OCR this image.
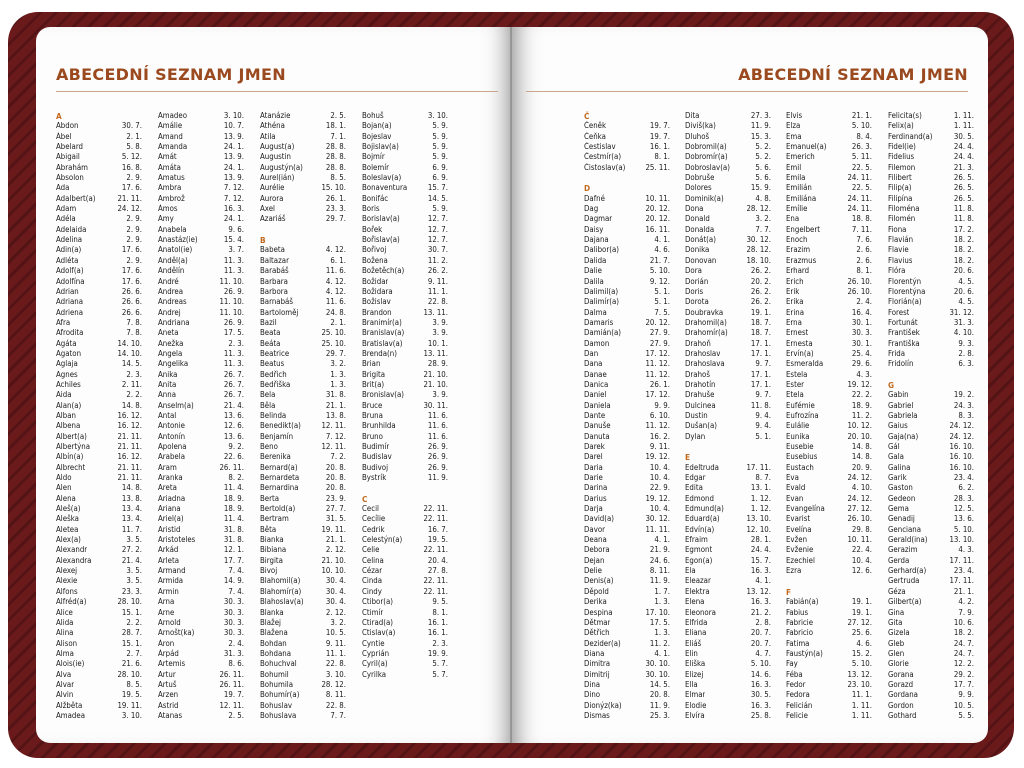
ABECEDNÍ SEZNAM JMEN
A
Abdon	30. 7.
Ábel	2. 1.
Abelard	5. 8.
Abigail	5. 12.
Abrahám	16. 8.
Absolon	2. 9.
Ada	17. 6.
Adalbert(a)	21. 11.
Adam	24. 12.
Adéla	2. 9.
Adelaida	2. 9.
Adelina	2. 9.
Adin(a)	17. 6.
Adléta	2. 9.
Adolf(a)	17. 6.
Adolfína	17. 6.
Adrian	26. 6.
Adriana	26. 6.
Adriena	26. 6.
Afra	7. 8.
Afrodita	7. 8.
Agáta	14. 10.
Agaton	14. 10.
Aglaja	14. 5.
Agnes	2. 3.
Achiles	2. 11.
Aida	2. 2.
Alan(a)	14. 8.
Alban	16. 12.
Albena	16. 12.
Albert(a)	21. 11.
Albertýna	21. 11.
Albín(a)	16. 12.
Albrecht	21. 11.
Aldo	21. 11.
Alen	14. 8.
Alena	13. 8.
Aleš(a)	13. 4.
Aleška	13. 4.
Aletea	11. 7.
Alex(a)	3. 5.
Alexandr	27. 2.
Alexandra	21. 4.
Alexej	3. 5.
Alexie	3. 5.
Alfons	23. 3.
Alfréd(a)	28. 10.
Alice	15. 1.
Alida	2. 2.
Alina	28. 7.
Alison	15. 1.
Alma	2. 7.
Alois(ie)	21. 6.
Alva	28. 10.
Alvar	8. 5.
Alvin	19. 5.
Alžběta	19. 11.
Amadea	3. 10.
Amadeo	3. 10.
Amálie	10. 7.
Amand	13. 9.
Amanda	24. 1.
Amát	13. 9.
Amáta	24. 1.
Amatus	13. 9.
Ambra	7. 12.
Ambrož	7. 12.
Ámos	16. 3.
Amy	24. 1.
Anabela	9. 6.
Anastáz(ie)	15. 4.
Anatol(ie)	3. 7.
Anděl(a)	11. 3.
Andělín	11. 3.
André	11. 10.
Andrea	26. 9.
Andreas	11. 10.
Andrej	11. 10.
Andriana	26. 9.
Aneta	17. 5.
Anežka	2. 3.
Angela	11. 3.
Angelika	11. 3.
Anika	26. 7.
Anita	26. 7.
Anna	26. 7.
Anselm(a)	21. 4.
Antal	13. 6.
Antonie	12. 6.
Antonín	13. 6.
Apolena	9. 2.
Arabela	22. 6.
Aram	26. 11.
Aranka	8. 2.
Areta	11. 4.
Ariadna	18. 9.
Ariana	18. 9.
Ariel(a)	11. 4.
Aristid	31. 8.
Aristoteles	31. 8.
Arkád	12. 1.
Arleta	17. 7.
Armand	7. 4.
Armida	14. 9.
Armin	7. 4.
Arna	30. 3.
Arne	30. 3.
Arnold	30. 3.
Arnošt(ka)	30. 3.
Áron	2. 4.
Árpád	31. 3.
Artemis	8. 6.
Artur	26. 11.
Artuš	26. 11.
Arzen	19. 7.
Astrid	12. 11.
Atanas	2. 5.
Atanázie	2. 5.
Athéna	18. 1.
Atila	7. 1.
August(a)	28. 8.
Augustin	28. 8.
Augustýn(a)	28. 8.
Aurel(ián)	8. 5.
Aurélie	15. 10.
Aurora	26. 1.
Axel	23. 3.
Azariáš	29. 7.
B
Babeta	4. 12.
Baltazar	6. 1.
Barabáš	11. 6.
Barbara	4. 12.
Barbora	4. 12.
Barnabáš	11. 6.
Bartoloměj	24. 8.
Bazil	2. 1.
Beata	25. 10.
Beáta	25. 10.
Beatrice	29. 7.
Beatus	3. 2.
Bedřich	1. 3.
Bedřiška	1. 3.
Bela	31. 8.
Běla	21. 1.
Belinda	13. 8.
Benedikt(a)	12. 11.
Benjamín	7. 12.
Beno	12. 11.
Berenika	7. 2.
Bernard(a)	20. 8.
Bernardeta	20. 8.
Bernardina	20. 8.
Berta	23. 9.
Bertold(a)	27. 7.
Bertram	31. 5.
Běta	19. 11.
Bianka	21. 1.
Bibiana	2. 12.
Birgita	21. 10.
Bivoj	10. 10.
Blahomil(a)	30. 4.
Blahomír(a)	30. 4.
Blahoslav(a)	30. 4.
Blanka	2. 12.
Blažej	3. 2.
Blažena	10. 5.
Bohdan	9. 11.
Bohdana	11. 1.
Bohuchval	22. 8.
Bohumil	3. 10.
Bohumila	28. 12.
Bohumír(a)	8. 11.
Bohuslav	22. 8.
Bohuslava	7. 7.
Bohuš	3. 10.
Bojan(a)	5. 9.
Bojeslav	5. 9.
Bojislav(a)	5. 9.
Bojmír	5. 9.
Bolemír	6. 9.
Boleslav(a)	6. 9.
Bonaventura	15. 7.
Bonifác	14. 5.
Boris	5. 9.
Borislav(a)	12. 7.
Bořek	12. 7.
Bořislav(a)	12. 7.
Bořivoj	30. 7.
Božena	11. 2.
Božetěch(a)	26. 2.
Božidar	9. 11.
Božidara	11. 1.
Božislav	22. 8.
Brandon	13. 11.
Branimír(a)	3. 9.
Branislav(a)	3. 9.
Bratislav(a)	10. 1.
Brenda(n)	13. 11.
Brian	28. 9.
Brigita	21. 10.
Brit(a)	21. 10.
Bronislav(a)	3. 9.
Bruce	30. 11.
Bruna	11. 6.
Brunhilda	11. 6.
Bruno	11. 6.
Budimír	26. 9.
Budislav	26. 9.
Budivoj	26. 9.
Bystrík	11. 9.
C
Cecil	22. 11.
Cecílie	22. 11.
Cedrik	16. 7.
Celestýn(a)	19. 5.
Celie	22. 11.
Celina	20. 4.
Cézar	27. 8.
Cinda	22. 11.
Cindy	22. 11.
Ctibor(a)	9. 5.
Ctimír	8. 1.
Ctirad(a)	16. 1.
Ctislav(a)	16. 1.
Cyntie	2. 3.
Cyprián	19. 9.
Cyril(a)	5. 7.
Cyrilka	5. 7.
ABECEDNÍ SEZNAM JMEN
Č
Čeněk	19. 7.
Čeňka	19. 7.
Čestislav	16. 1.
Čestmír(a)	8. 1.
Čistoslav(a)	25. 11.
D
Dafné	10. 11.
Dag	20. 12.
Dagmar	20. 12.
Daisy	16. 11.
Dajana	4. 1.
Dalibor(a)	4. 6.
Dalida	21. 7.
Dalie	5. 10.
Dalila	9. 12.
Dalimil(a)	5. 1.
Dalimír(a)	5. 1.
Dalma	7. 5.
Damaris	20. 12.
Damián(a)	27. 9.
Damon	27. 9.
Dan	17. 12.
Dana	11. 12.
Danae	11. 12.
Danica	26. 1.
Daniel	17. 12.
Daniela	9. 9.
Dante	6. 10.
Danuše	11. 12.
Danuta	16. 2.
Darek	9. 11.
Darel	19. 12.
Daria	10. 4.
Darie	10. 4.
Darina	22. 9.
Darius	19. 12.
Darja	10. 4.
David(a)	30. 12.
Davor	11. 11.
Deana	4. 1.
Debora	21. 9.
Dejan	24. 6.
Delie	8. 11.
Denis(a)	11. 9.
Děpold	1. 7.
Derika	1. 3.
Despina	17. 10.
Dětmar	17. 5.
Dětřich	1. 3.
Dezider(a)	11. 2.
Diana	4. 1.
Dimitra	30. 10.
Dimitrij	30. 10.
Dina	14. 5.
Dino	20. 8.
Dionýz(ka)	11. 9.
Dismas	25. 3.
Dita	27. 3.
Diviš(ka)	11. 9.
Dluhoš	15. 3.
Dobromil(a)	5. 2.
Dobromír(a)	5. 2.
Dobroslav(a)	5. 6.
Dobruše	5. 6.
Dolores	15. 9.
Dominik(a)	4. 8.
Dona	28. 12.
Donald	3. 2.
Donalda	7. 7.
Donát(a)	30. 12.
Donika	28. 12.
Donovan	18. 10.
Dora	26. 2.
Dorián	20. 2.
Doris	26. 2.
Dorota	26. 2.
Doubravka	19. 1.
Drahomil(a)	18. 7.
Drahomír(a)	18. 7.
Drahoň	17. 1.
Drahoslav	17. 1.
Drahoslava	9. 7.
Drahoš	17. 1.
Drahotín	17. 1.
Drahuše	9. 7.
Dulcinea	11. 8.
Dustin	9. 4.
Dušan(a)	9. 4.
Dylan	5. 1.
E
Edeltruda	17. 11.
Edgar	8. 7.
Edita	13. 1.
Edmond	1. 12.
Edmund(a)	1. 12.
Eduard(a)	13. 10.
Edvín(a)	12. 10.
Efraim	28. 1.
Egmont	24. 4.
Egon(a)	15. 7.
Ela	16. 3.
Eleazar	4. 1.
Elektra	13. 12.
Elena	16. 3.
Eleonora	21. 2.
Elfrida	2. 8.
Eliana	20. 7.
Eliáš	20. 7.
Elin	4. 7.
Eliška	5. 10.
Elizej	14. 6.
Ella	16. 3.
Elmar	30. 5.
Elodie	16. 3.
Elvíra	25. 8.
Elvis	21. 1.
Elza	5. 10.
Ema	8. 4.
Emanuel(a)	26. 3.
Emerich	5. 11.
Emil	22. 5.
Emila	24. 11.
Emilián	22. 5.
Emiliána	24. 11.
Emílie	24. 11.
Ena	18. 8.
Engelbert	7. 11.
Enoch	7. 6.
Erazim	2. 6.
Erazmus	2. 6.
Erhard	8. 1.
Erich	26. 10.
Erik	26. 10.
Erika	2. 4.
Erina	16. 4.
Erna	30. 1.
Ernest	30. 3.
Ernesta	30. 1.
Ervín(a)	25. 4.
Esmeralda	29. 6.
Estela	4. 3.
Ester	19. 12.
Etela	22. 2.
Eufémie	18. 9.
Eufrozína	11. 2.
Eulálie	10. 12.
Eunika	20. 10.
Eusebie	14. 8.
Eusebius	14. 8.
Eustach	20. 9.
Eva	24. 12.
Evald	4. 10.
Evan	24. 12.
Evangelína	27. 12.
Evarist	26. 10.
Evelína	29. 8.
Evžen	10. 11.
Evženie	22. 4.
Ezechiel	10. 4.
Ezra	12. 6.
F
Fabián(a)	19. 1.
Fabius	19. 1.
Fabricie	27. 12.
Fabricio	25. 6.
Fatima	4. 6.
Faustýn(a)	15. 2.
Fay	5. 10.
Féba	13. 12.
Fedor	23. 10.
Fedora	11. 1.
Felicián	1. 11.
Felicie	1. 11.
Felicita(s)	1. 11.
Felix(a)	1. 11.
Ferdinand(a)	30. 5.
Fidel(ie)	24. 4.
Fidelius	24. 4.
Filemon	21. 3.
Filibert	26. 5.
Filip(a)	26. 5.
Filipína	26. 5.
Filoména	11. 8.
Filomén	11. 8.
Fiona	17. 2.
Flavián	18. 2.
Flavie	18. 2.
Flavius	18. 2.
Flóra	20. 6.
Florentýn	4. 5.
Florentýna	20. 6.
Florián(a)	4. 5.
Forest	31. 12.
Fortunát	31. 3.
František	4. 10.
Františka	9. 3.
Frida	2. 8.
Fridolín	6. 3.
G
Gabin	19. 2.
Gabriel	24. 3.
Gabriela	8. 3.
Gaius	24. 12.
Gaja(na)	24. 12.
Gál	16. 10.
Gala	16. 10.
Galina	16. 10.
Garik	23. 4.
Gaston	6. 2.
Gedeon	28. 3.
Gema	12. 5.
Genadij	13. 6.
Genciana	5. 10.
Gerald(ina)	13. 10.
Gerazim	4. 3.
Gerda	17. 11.
Gerhard(a)	23. 4.
Gertruda	17. 11.
Géza	21. 1.
Gilbert(a)	4. 2.
Gina	7. 9.
Gita	10. 6.
Gizela	18. 2.
Gleb	24. 7.
Glen	24. 7.
Glorie	12. 2.
Gorana	29. 2.
Gorazd	17. 7.
Gordana	9. 9.
Gordon	10. 5.
Gothard	5. 5.
